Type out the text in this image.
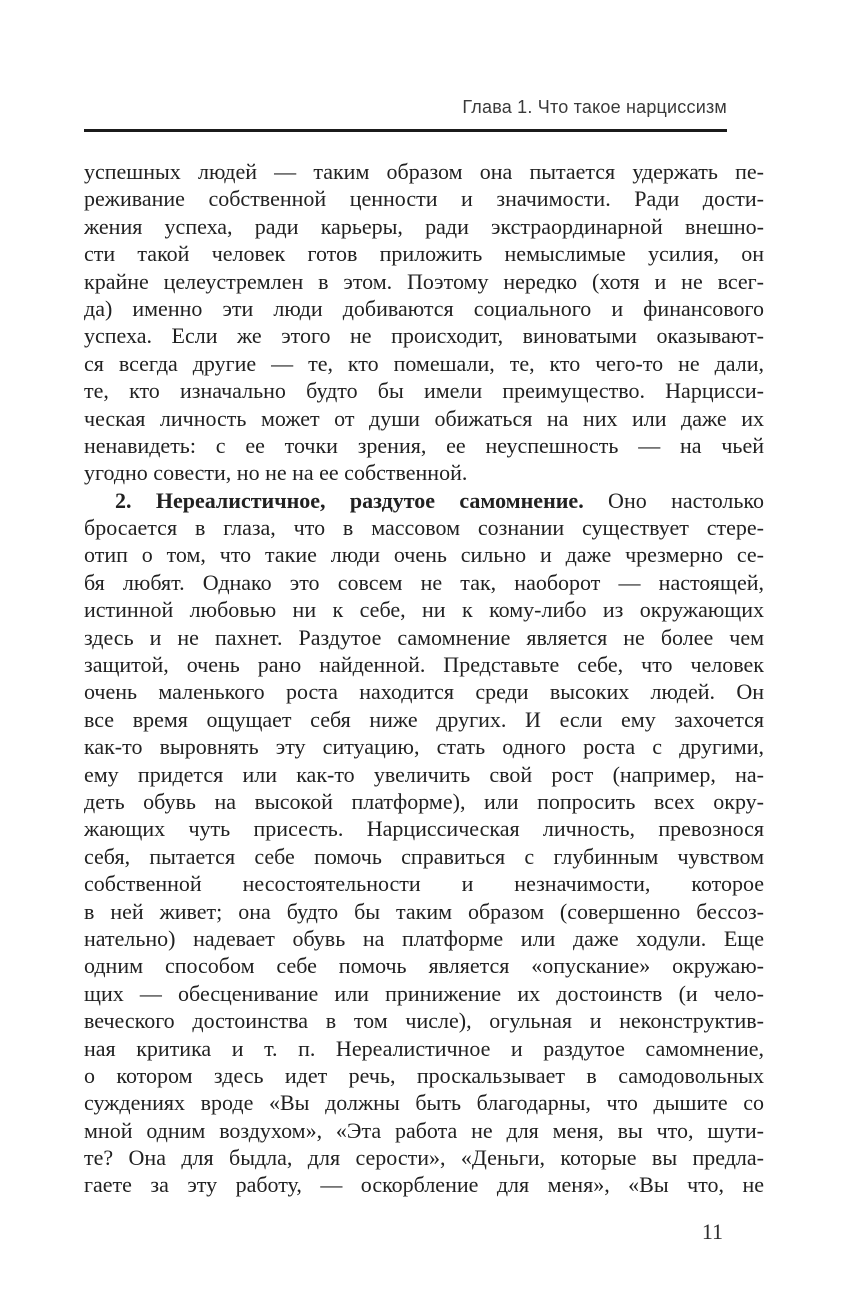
Глава 1. Что такое нарциссизм
успешных людей — таким образом она пытается удержать пе-
реживание собственной ценности и значимости. Ради дости-
жения успеха, ради карьеры, ради экстраординарной внешно-
сти такой человек готов приложить немыслимые усилия, он
крайне целеустремлен в этом. Поэтому нередко (хотя и не всег-
да) именно эти люди добиваются социального и финансового
успеха. Если же этого не происходит, виноватыми оказывают-
ся всегда другие — те, кто помешали, те, кто чего-то не дали,
те, кто изначально будто бы имели преимущество. Нарцисси-
ческая личность может от души обижаться на них или даже их
ненавидеть: с ее точки зрения, ее неуспешность — на чьей
угодно совести, но не на ее собственной.
2. Нереалистичное, раздутое самомнение. Оно настолько
бросается в глаза, что в массовом сознании существует стере-
отип о том, что такие люди очень сильно и даже чрезмерно се-
бя любят. Однако это совсем не так, наоборот — настоящей,
истинной любовью ни к себе, ни к кому-либо из окружающих
здесь и не пахнет. Раздутое самомнение является не более чем
защитой, очень рано найденной. Представьте себе, что человек
очень маленького роста находится среди высоких людей. Он
все время ощущает себя ниже других. И если ему захочется
как-то выровнять эту ситуацию, стать одного роста с другими,
ему придется или как-то увеличить свой рост (например, на-
деть обувь на высокой платформе), или попросить всех окру-
жающих чуть присесть. Нарциссическая личность, превознося
себя, пытается себе помочь справиться с глубинным чувством
собственной несостоятельности и незначимости, которое
в ней живет; она будто бы таким образом (совершенно бессоз-
нательно) надевает обувь на платформе или даже ходули. Еще
одним способом себе помочь является «опускание» окружаю-
щих — обесценивание или принижение их достоинств (и чело-
веческого достоинства в том числе), огульная и неконструктив-
ная критика и т. п. Нереалистичное и раздутое самомнение,
о котором здесь идет речь, проскальзывает в самодовольных
суждениях вроде «Вы должны быть благодарны, что дышите со
мной одним воздухом», «Эта работа не для меня, вы что, шути-
те? Она для быдла, для серости», «Деньги, которые вы предла-
гаете за эту работу, — оскорбление для меня», «Вы что, не
11
